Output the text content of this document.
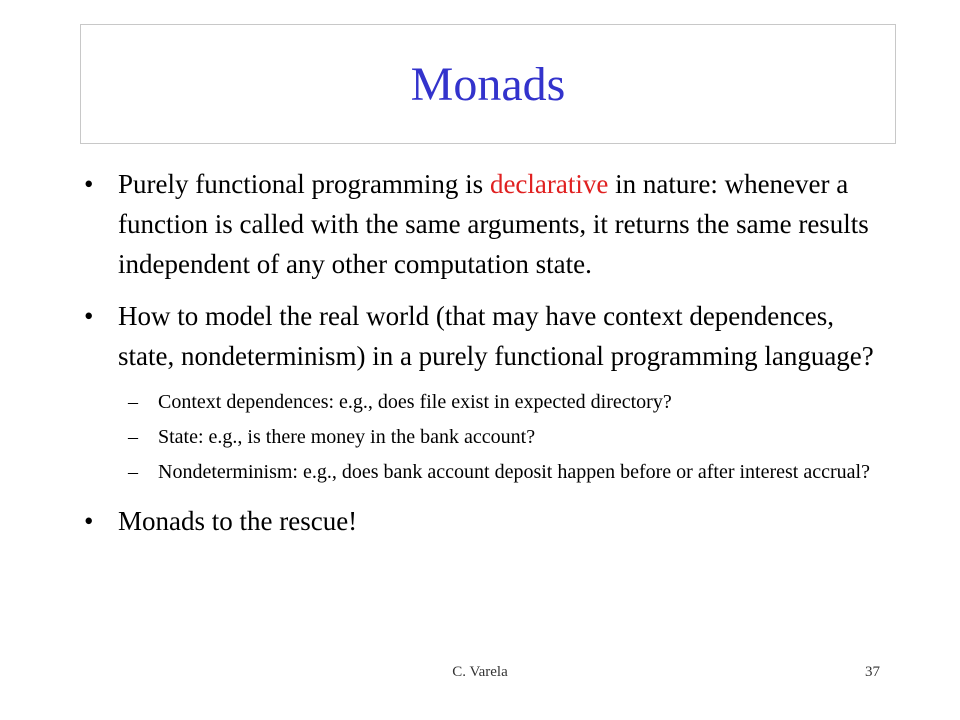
Monads

• Purely functional programming is declarative in nature: whenever a function is called with the same arguments, it returns the same results independent of any other computation state.

• How to model the real world (that may have context dependences, state, nondeterminism) in a purely functional programming language?

– Context dependences: e.g., does file exist in expected directory?

– State: e.g., is there money in the bank account?

– Nondeterminism: e.g., does bank account deposit happen before or after interest accrual?

• Monads to the rescue!

C. Varela	37
